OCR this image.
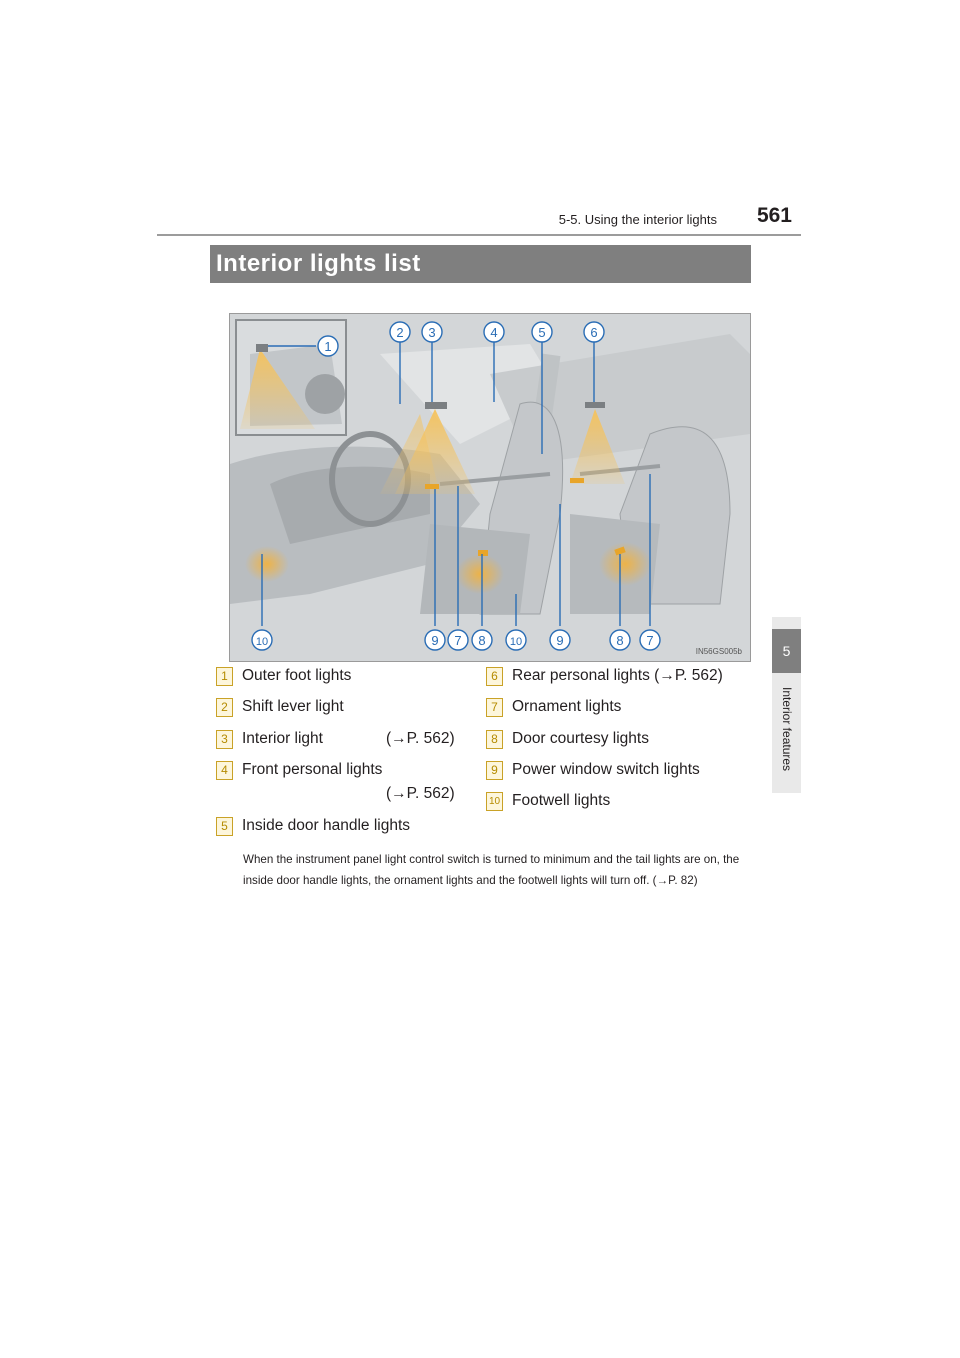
5-5. Using the interior lights 561
5
Interior features
Interior lights list
1
2 3	4	5	6
10	9 7 8 10	9	8 7
IN56GS005b
1 Outer foot lights
2 Shift lever light
3 Interior light	(→P. 562)
4 Front personal lights
(→P. 562)
5 Inside door handle lights
6 Rear personal lights (→P. 562)
7 Ornament lights
8 Door courtesy lights
9 Power window switch lights
10 Footwell lights
When the instrument panel light control switch is turned to minimum and the tail lights are on, the inside door handle lights, the ornament lights and the footwell lights will turn off. (→P. 82)
